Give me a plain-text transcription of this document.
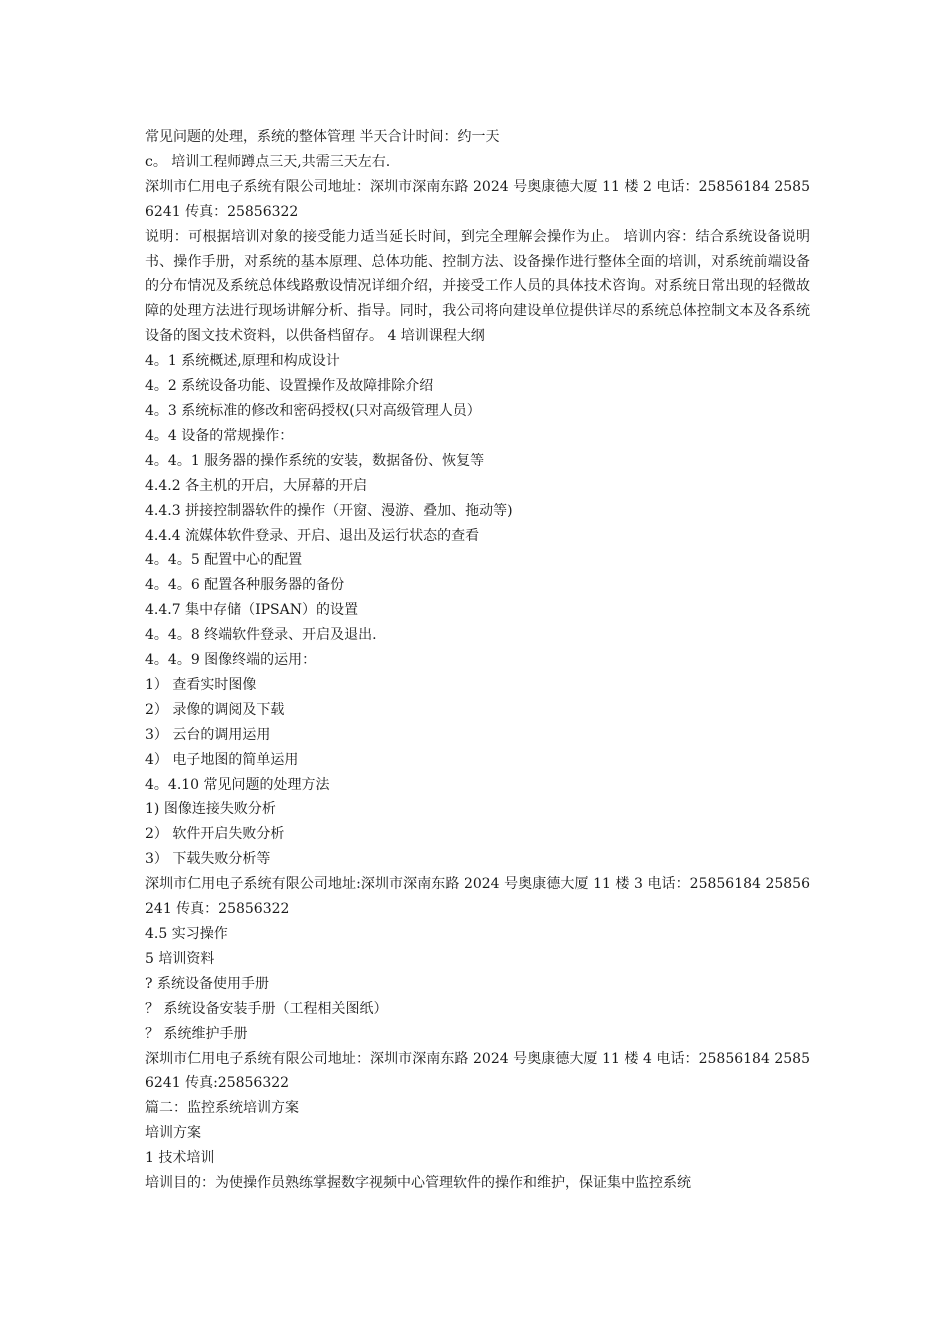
常见问题的处理，系统的整体管理 半天合计时间：约一天
c。 培训工程师蹲点三天,共需三天左右.
深圳市仁用电子系统有限公司地址：深圳市深南东路 2024 号奥康德大厦 11 楼 2 电话：25856184 25856241 传真：25856322
说明：可根据培训对象的接受能力适当延长时间，到完全理解会操作为止。 培训内容：结合系统设备说明书、操作手册，对系统的基本原理、总体功能、控制方法、设备操作进行整体全面的培训，对系统前端设备的分布情况及系统总体线路敷设情况详细介绍，并接受工作人员的具体技术咨询。对系统日常出现的轻微故障的处理方法进行现场讲解分析、指导。同时，我公司将向建设单位提供详尽的系统总体控制文本及各系统设备的图文技术资料，以供备档留存。 4 培训课程大纲
4。1 系统概述,原理和构成设计
4。2 系统设备功能、设置操作及故障排除介绍
4。3 系统标准的修改和密码授权(只对高级管理人员）
4。4 设备的常规操作：
4。4。1 服务器的操作系统的安装，数据备份、恢复等
4.4.2 各主机的开启，大屏幕的开启
4.4.3 拼接控制器软件的操作（开窗、漫游、叠加、拖动等)
4.4.4 流媒体软件登录、开启、退出及运行状态的查看
4。4。5 配置中心的配置
4。4。6 配置各种服务器的备份
4.4.7 集中存储（IPSAN）的设置
4。4。8 终端软件登录、开启及退出.
4。4。9 图像终端的运用：
1） 查看实时图像
2） 录像的调阅及下载
3） 云台的调用运用
4） 电子地图的简单运用
4。4.10 常见问题的处理方法
1) 图像连接失败分析
2） 软件开启失败分析
3） 下载失败分析等
深圳市仁用电子系统有限公司地址:深圳市深南东路 2024 号奥康德大厦 11 楼 3 电话：25856184 25856241 传真：25856322
4.5 实习操作
5 培训资料
? 系统设备使用手册
？ 系统设备安装手册（工程相关图纸）
？ 系统维护手册
深圳市仁用电子系统有限公司地址：深圳市深南东路 2024 号奥康德大厦 11 楼 4 电话：25856184 25856241 传真:25856322
篇二：监控系统培训方案
培训方案
1 技术培训
培训目的：为使操作员熟练掌握数字视频中心管理软件的操作和维护，保证集中监控系统
